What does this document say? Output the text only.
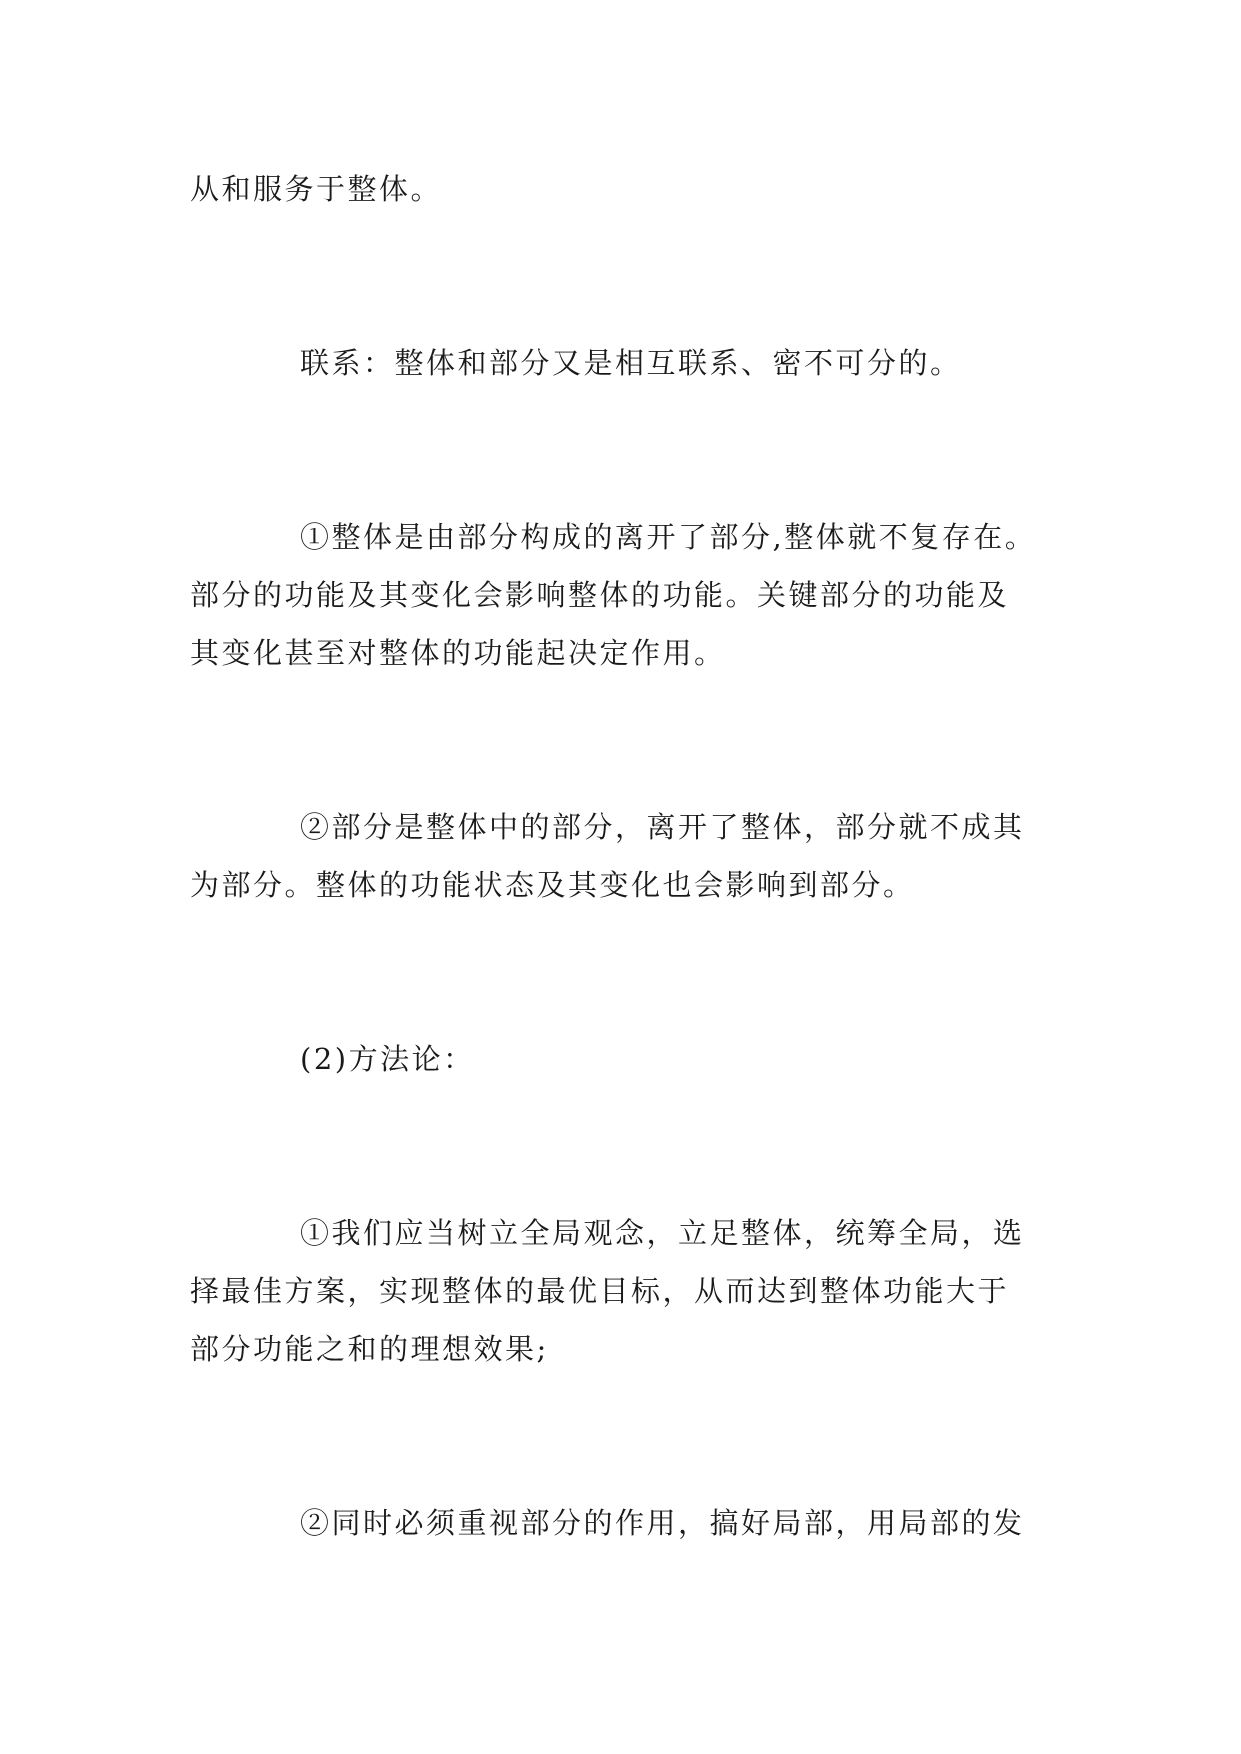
从和服务于整体。

联系：整体和部分又是相互联系、密不可分的。

①整体是由部分构成的离开了部分,整体就不复存在。
部分的功能及其变化会影响整体的功能。关键部分的功能及
其变化甚至对整体的功能起决定作用。

②部分是整体中的部分，离开了整体，部分就不成其
为部分。整体的功能状态及其变化也会影响到部分。

(2)方法论：

①我们应当树立全局观念，立足整体，统筹全局，选
择最佳方案，实现整体的最优目标，从而达到整体功能大于
部分功能之和的理想效果;

②同时必须重视部分的作用，搞好局部，用局部的发
